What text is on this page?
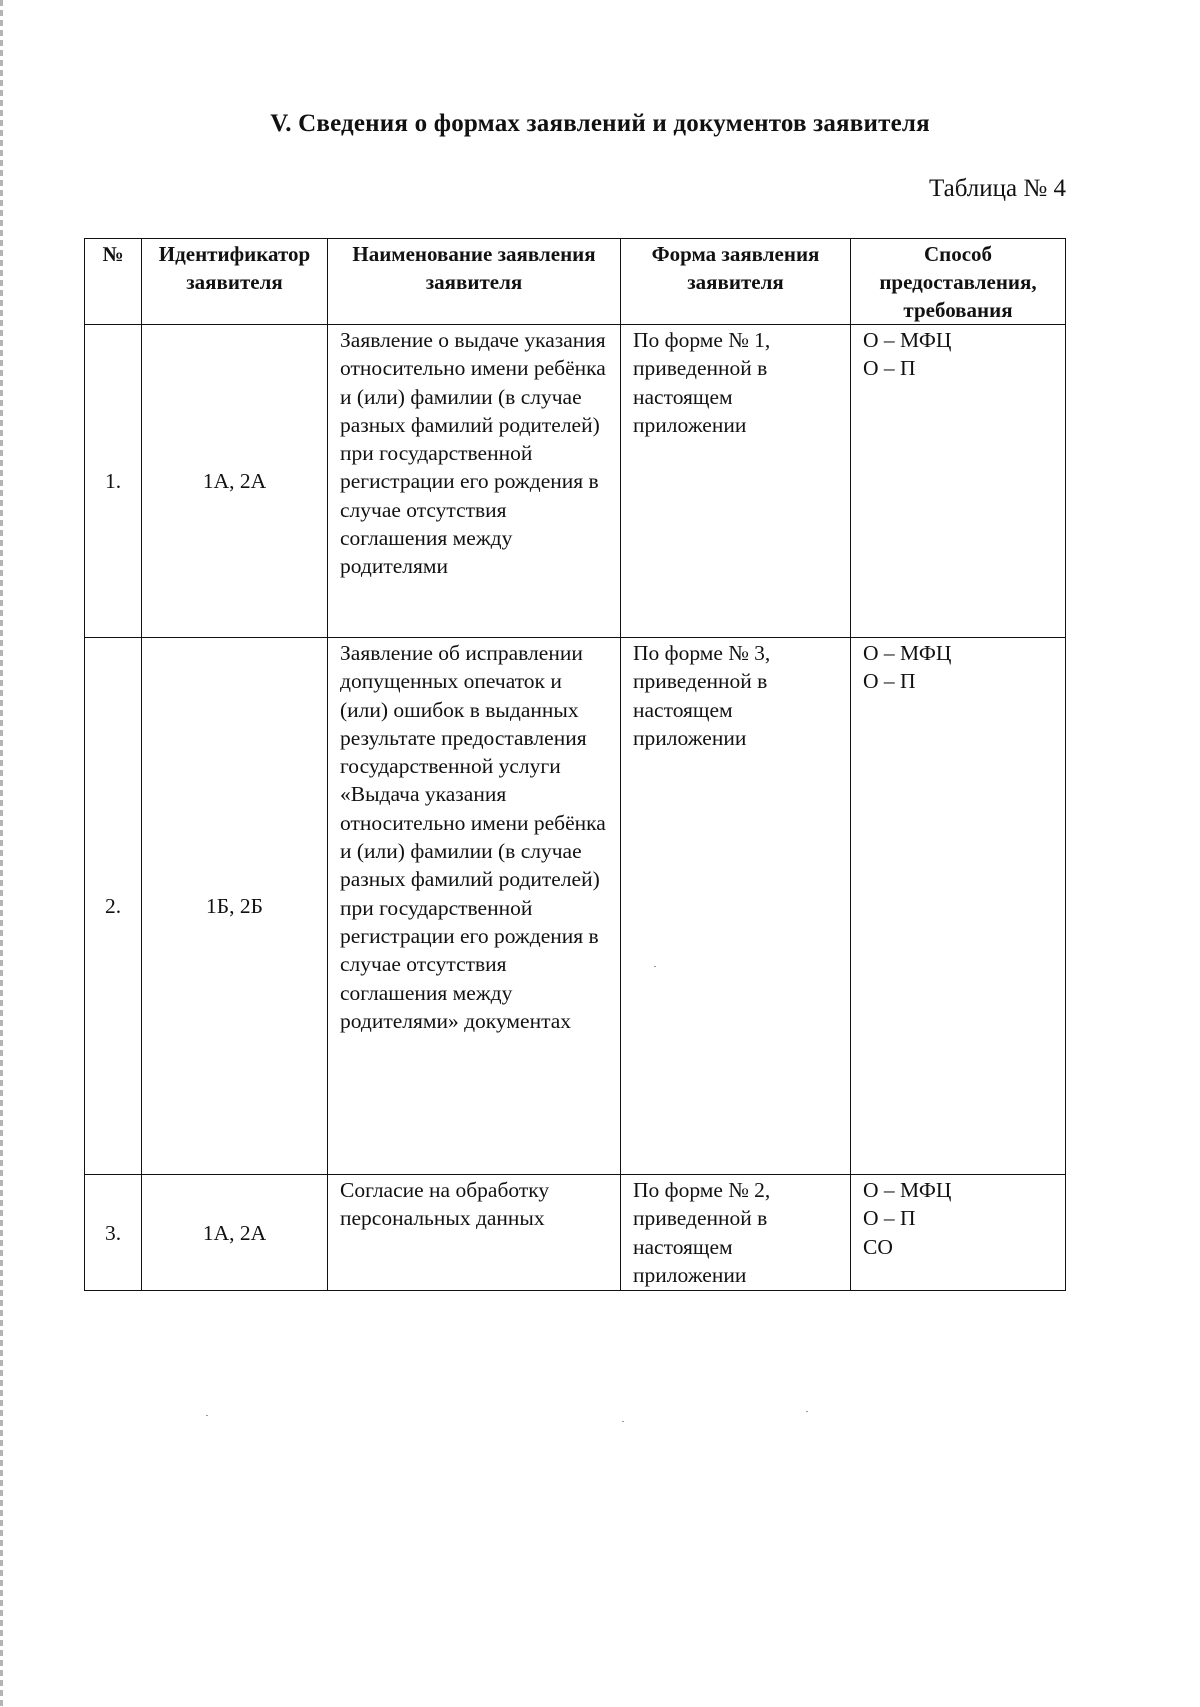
V. Сведения о формах заявлений и документов заявителя
Таблица № 4
№	Идентификатор заявителя	Наименование заявления заявителя	Форма заявления заявителя	Способ предоставления, требования
1.	1А, 2А	Заявление о выдаче указания относительно имени ребёнка и (или) фамилии (в случае разных фамилий родителей) при государственной регистрации его рождения в случае отсутствия соглашения между родителями	По форме № 1, приведенной в настоящем приложении	О – МФЦ
О – П
2.	1Б, 2Б	Заявление об исправлении допущенных опечаток и (или) ошибок в выданных результате предоставления государственной услуги «Выдача указания относительно имени ребёнка и (или) фамилии (в случае разных фамилий родителей) при государственной регистрации его рождения в случае отсутствия соглашения между родителями» документах	По форме № 3, приведенной в настоящем приложении	О – МФЦ
О – П
3.	1А, 2А	Согласие на обработку персональных данных	По форме № 2, приведенной в настоящем приложении	О – МФЦ
О – П
СО
